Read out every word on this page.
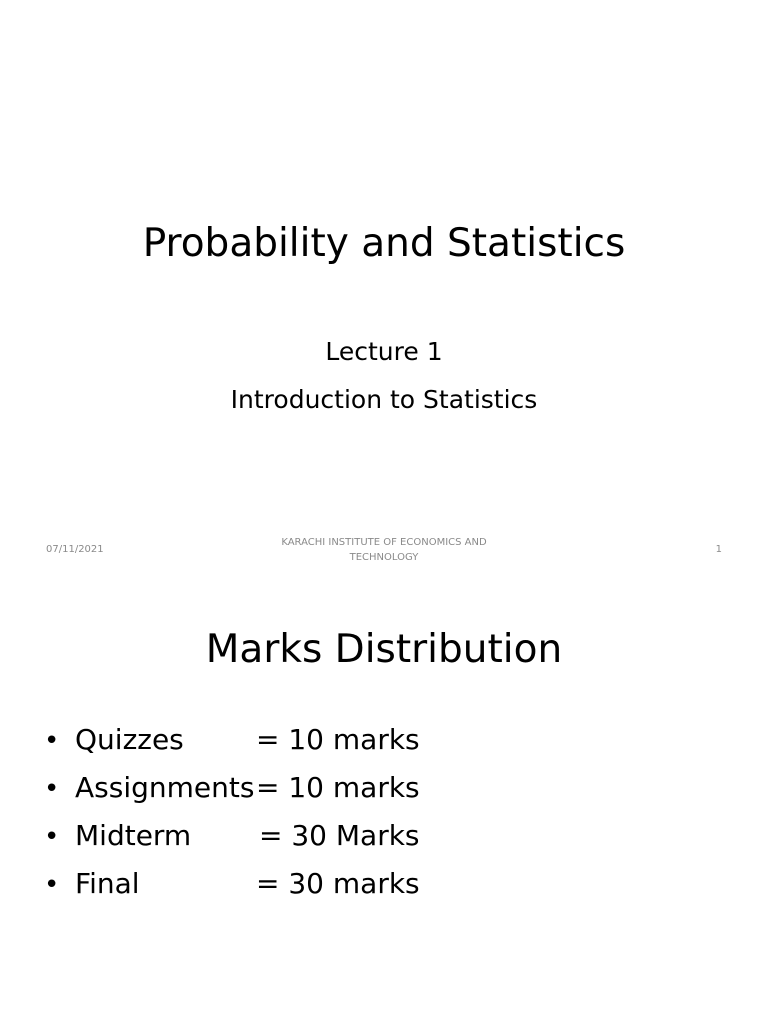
Probability and Statistics
Lecture 1
Introduction to Statistics
07/11/2021
KARACHI INSTITUTE OF ECONOMICS AND
TECHNOLOGY
1
Marks Distribution
• Quizzes	= 10 marks
• Assignments = 10 marks
• Midterm	= 30 Marks
• Final	= 30 marks
